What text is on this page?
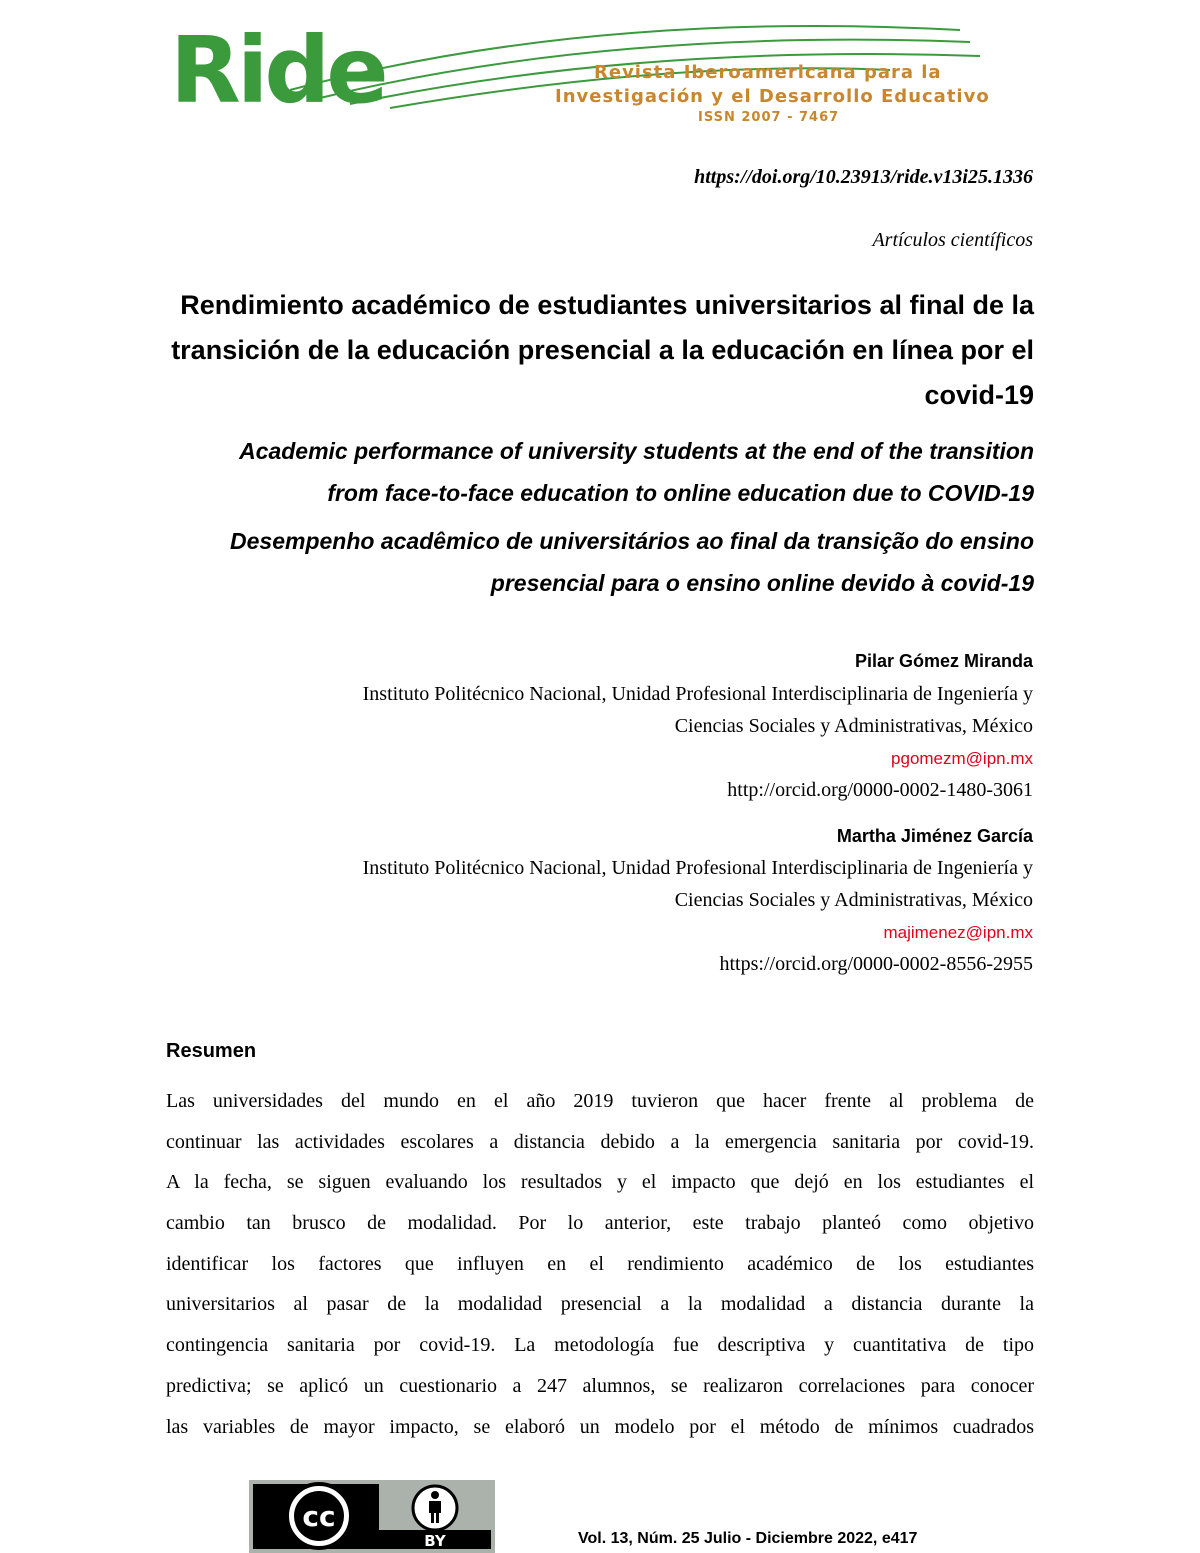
Ride	Revista Iberoamericana para la
Investigación y el Desarrollo Educativo
ISSN 2007 - 7467
https://doi.org/10.23913/ride.v13i25.1336
Artículos científicos
Rendimiento académico de estudiantes universitarios al final de la
transición de la educación presencial a la educación en línea por el
covid-19
Academic performance of university students at the end of the transition
from face-to-face education to online education due to COVID-19
Desempenho acadêmico de universitários ao final da transição do ensino
presencial para o ensino online devido à covid-19
Pilar Gómez Miranda
Instituto Politécnico Nacional, Unidad Profesional Interdisciplinaria de Ingeniería y
Ciencias Sociales y Administrativas, México
pgomezm@ipn.mx
http://orcid.org/0000-0002-1480-3061
Martha Jiménez García
Instituto Politécnico Nacional, Unidad Profesional Interdisciplinaria de Ingeniería y
Ciencias Sociales y Administrativas, México
majimenez@ipn.mx
https://orcid.org/0000-0002-8556-2955
Resumen
Las universidades del mundo en el año 2019 tuvieron que hacer frente al problema de
continuar las actividades escolares a distancia debido a la emergencia sanitaria por covid-19.
A la fecha, se siguen evaluando los resultados y el impacto que dejó en los estudiantes el
cambio tan brusco de modalidad. Por lo anterior, este trabajo planteó como objetivo
identificar los factores que influyen en el rendimiento académico de los estudiantes
universitarios al pasar de la modalidad presencial a la modalidad a distancia durante la
contingencia sanitaria por covid-19. La metodología fue descriptiva y cuantitativa de tipo
predictiva; se aplicó un cuestionario a 247 alumnos, se realizaron correlaciones para conocer
las variables de mayor impacto, se elaboró un modelo por el método de mínimos cuadrados
cc
BY	Vol. 13, Núm. 25 Julio - Diciembre 2022, e417
